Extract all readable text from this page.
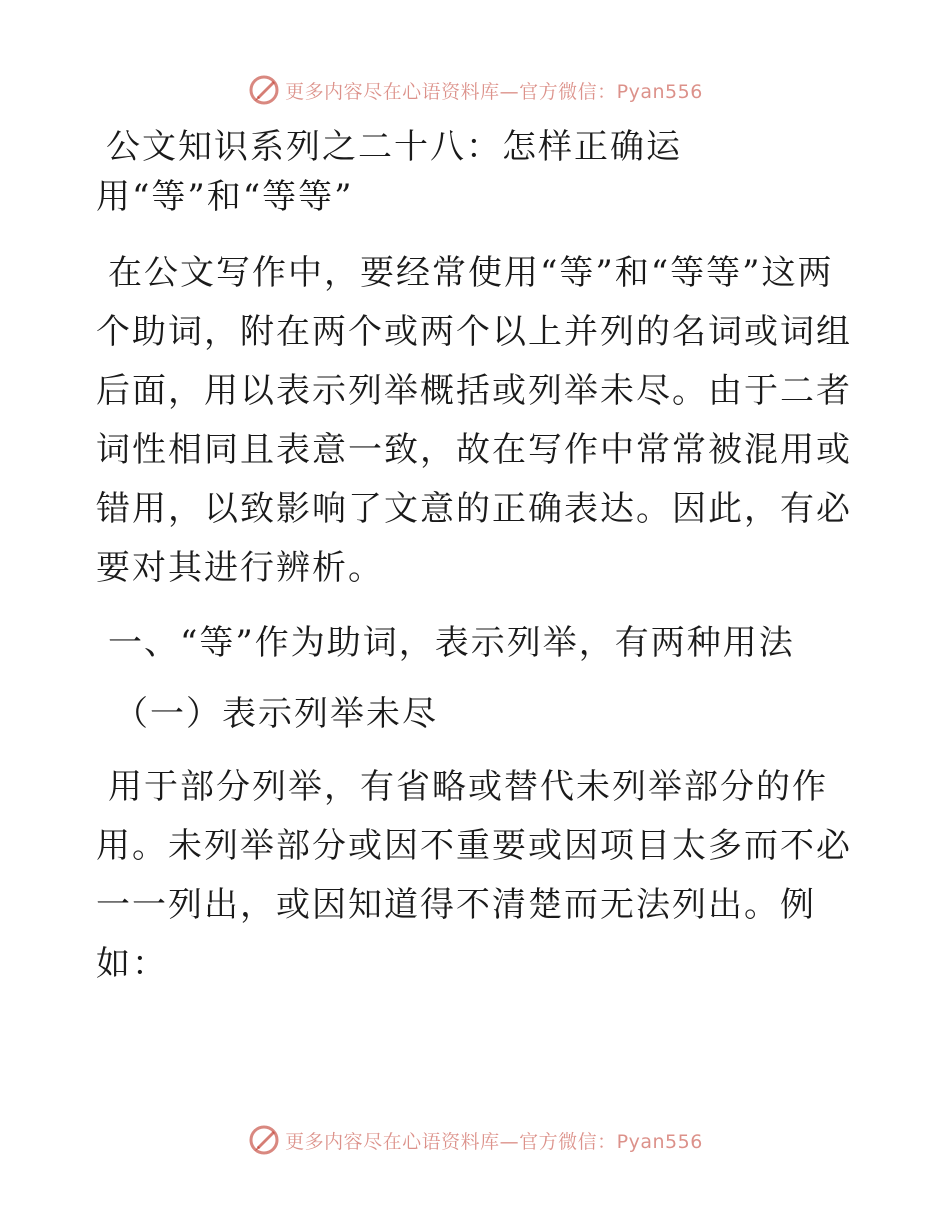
更多内容尽在心语资料库—官方微信：Pyan556
公文知识系列之二十八：怎样正确运
用“等”和“等等”

在公文写作中，要经常使用“等”和“等等”这两个助词，附在两个或两个以上并列的名词或词组后面，用以表示列举概括或列举未尽。由于二者词性相同且表意一致，故在写作中常常被混用或错用，以致影响了文意的正确表达。因此，有必要对其进行辨析。

一、“等”作为助词，表示列举，有两种用法
（一）表示列举未尽

用于部分列举，有省略或替代未列举部分的作用。未列举部分或因不重要或因项目太多而不必一一列出，或因知道得不清楚而无法列出。例如：

更多内容尽在心语资料库—官方微信：Pyan556
